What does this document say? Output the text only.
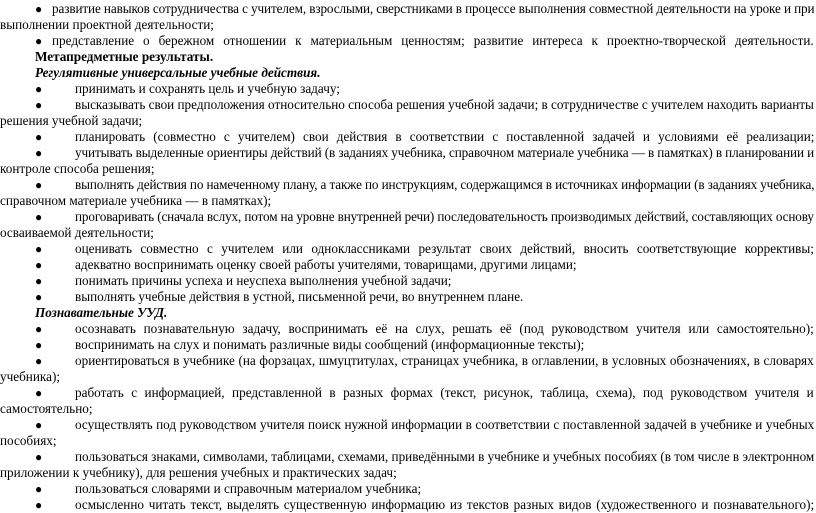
● развитие навыков сотрудничества с учителем, взрослыми, сверстниками в процессе выполнения совместной деятельности на уроке и при
выполнении проектной деятельности;
● представление о бережном отношении к материальным ценностям; развитие интереса к проектно-творческой деятельности.
Метапредметные результаты.
Регулятивные универсальные учебные действия.
● принимать и сохранять цель и учебную задачу;
● высказывать свои предположения относительно способа решения учебной задачи; в сотрудничестве с учителем находить варианты
решения учебной задачи;
● планировать (совместно с учителем) свои действия в соответствии с поставленной задачей и условиями её реализации;
● учитывать выделенные ориентиры действий (в заданиях учебника, справочном материале учебника — в памятках) в планировании и
контроле способа решения;
● выполнять действия по намеченному плану, а также по инструкциям, содержащимся в источниках информации (в заданиях учебника,
справочном материале учебника — в памятках);
● проговаривать (сначала вслух, потом на уровне внутренней речи) последовательность производимых действий, составляющих основу
осваиваемой деятельности;
● оценивать совместно с учителем или одноклассниками результат своих действий, вносить соответствующие коррективы;
● адекватно воспринимать оценку своей работы учителями, товарищами, другими лицами;
● понимать причины успеха и неуспеха выполнения учебной задачи;
● выполнять учебные действия в устной, письменной речи, во внутреннем плане.
Познавательные УУД.
● осознавать познавательную задачу, воспринимать её на слух, решать её (под руководством учителя или самостоятельно);
● воспринимать на слух и понимать различные виды сообщений (информационные тексты);
● ориентироваться в учебнике (на форзацах, шмуцтитулах, страницах учебника, в оглавлении, в условных обозначениях, в словарях
учебника);
● работать с информацией, представленной в разных формах (текст, рисунок, таблица, схема), под руководством учителя и
самостоятельно;
● осуществлять под руководством учителя поиск нужной информации в соответствии с поставленной задачей в учебнике и учебных
пособиях;
● пользоваться знаками, символами, таблицами, схемами, приведёнными в учебнике и учебных пособиях (в том числе в электронном
приложении к учебнику), для решения учебных и практических задач;
● пользоваться словарями и справочным материалом учебника;
● осмысленно читать текст, выделять существенную информацию из текстов разных видов (художественного и познавательного);
